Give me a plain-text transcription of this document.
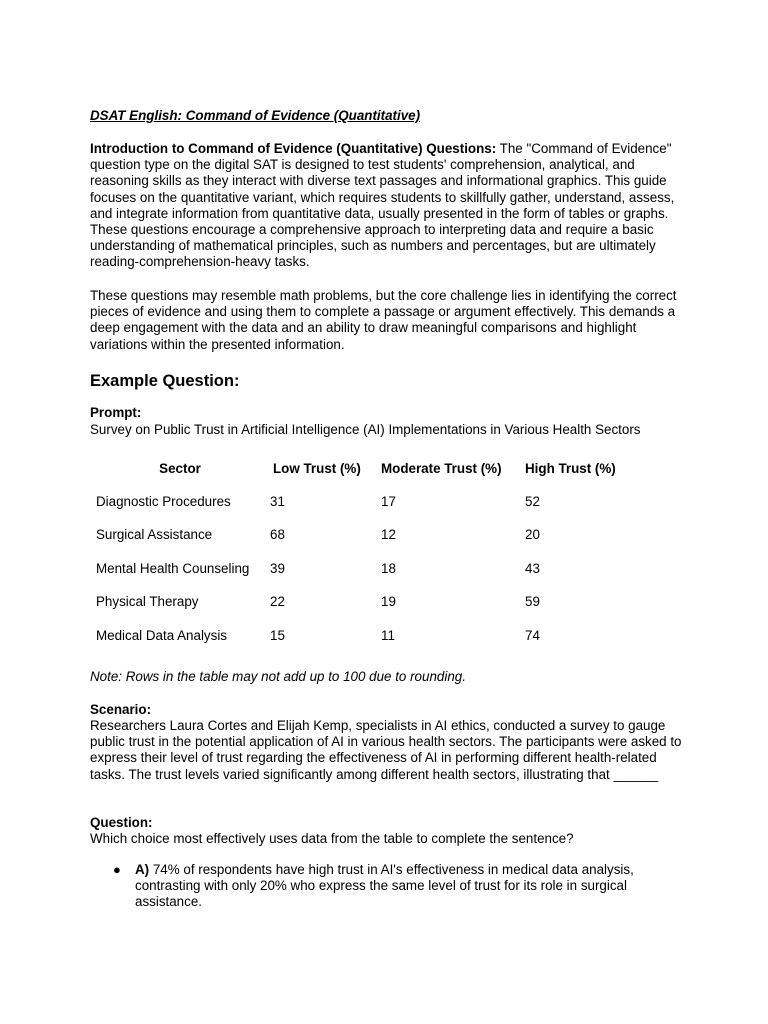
DSAT English: Command of Evidence (Quantitative)

Introduction to Command of Evidence (Quantitative) Questions: The "Command of Evidence" question type on the digital SAT is designed to test students' comprehension, analytical, and reasoning skills as they interact with diverse text passages and informational graphics. This guide focuses on the quantitative variant, which requires students to skillfully gather, understand, assess, and integrate information from quantitative data, usually presented in the form of tables or graphs. These questions encourage a comprehensive approach to interpreting data and require a basic understanding of mathematical principles, such as numbers and percentages, but are ultimately reading-comprehension-heavy tasks.

These questions may resemble math problems, but the core challenge lies in identifying the correct pieces of evidence and using them to complete a passage or argument effectively. This demands a deep engagement with the data and an ability to draw meaningful comparisons and highlight variations within the presented information.

Example Question:

Prompt:

Survey on Public Trust in Artificial Intelligence (AI) Implementations in Various Health Sectors

Sector	Low Trust (%)	Moderate Trust (%)	High Trust (%)
Diagnostic Procedures	31	17	52
Surgical Assistance	68	12	20
Mental Health Counseling	39	18	43
Physical Therapy	22	19	59
Medical Data Analysis	15	11	74

Note: Rows in the table may not add up to 100 due to rounding.

Scenario:

Researchers Laura Cortes and Elijah Kemp, specialists in AI ethics, conducted a survey to gauge public trust in the potential application of AI in various health sectors. The participants were asked to express their level of trust regarding the effectiveness of AI in performing different health-related tasks. The trust levels varied significantly among different health sectors, illustrating that ______

Question:

Which choice most effectively uses data from the table to complete the sentence?

● A) 74% of respondents have high trust in AI's effectiveness in medical data analysis, contrasting with only 20% who express the same level of trust for its role in surgical assistance.
